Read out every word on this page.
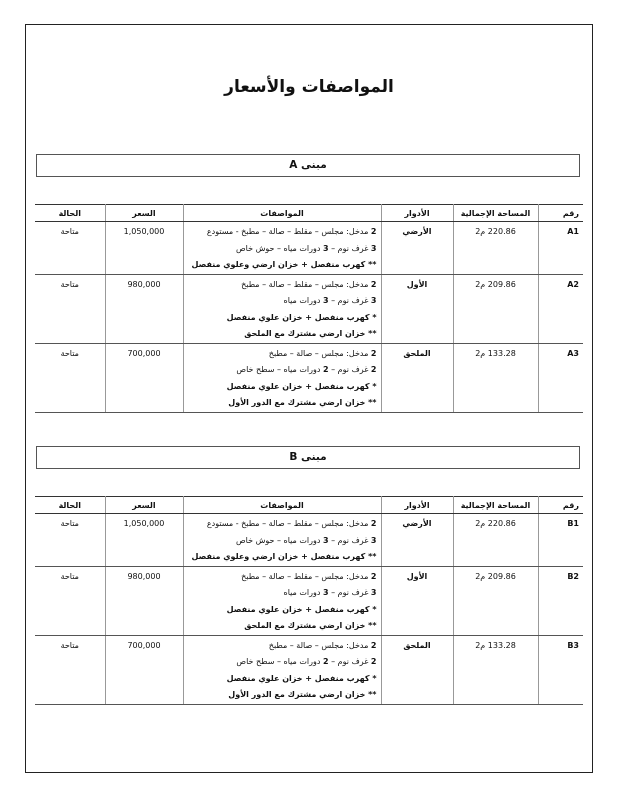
المواصفات والأسعار
مبنى A
رقم	المساحة الإجمالية	الأدوار	المواصفات	السعر	الحالة
A1	220.86 م2	الأرضي	2 مدخل: مجلس – مقلط – صالة – مطبخ - مستودع
3 غرف نوم – 3 دورات مياه – حوش خاص
** كهرب منفصل + خزان ارضي وعلوي منفصل	1,050,000	متاحة
A2	209.86 م2	الأول	2 مدخل: مجلس – مقلط – صالة – مطبخ
3 غرف نوم – 3 دورات مياه
* كهرب منفصل + خزان علوي منفصل
** خزان ارضي مشترك مع الملحق	980,000	متاحة
A3	133.28 م2	الملحق	2 مدخل: مجلس – صالة – مطبخ
2 غرف نوم – 2 دورات مياه – سطح خاص
* كهرب منفصل + خزان علوي منفصل
** خزان ارضي مشترك مع الدور الأول	700,000	متاحة
مبنى B
رقم	المساحة الإجمالية	الأدوار	المواصفات	السعر	الحالة
B1	220.86 م2	الأرضي	2 مدخل: مجلس – مقلط – صالة – مطبخ - مستودع
3 غرف نوم – 3 دورات مياه – حوش خاص
** كهرب منفصل + خزان ارضي وعلوي منفصل	1,050,000	متاحة
B2	209.86 م2	الأول	2 مدخل: مجلس – مقلط – صالة – مطبخ
3 غرف نوم – 3 دورات مياه
* كهرب منفصل + خزان علوي منفصل
** خزان ارضي مشترك مع الملحق	980,000	متاحة
B3	133.28 م2	الملحق	2 مدخل: مجلس – صالة – مطبخ
2 غرف نوم – 2 دورات مياه – سطح خاص
* كهرب منفصل + خزان علوي منفصل
** خزان ارضي مشترك مع الدور الأول	700,000	متاحة
